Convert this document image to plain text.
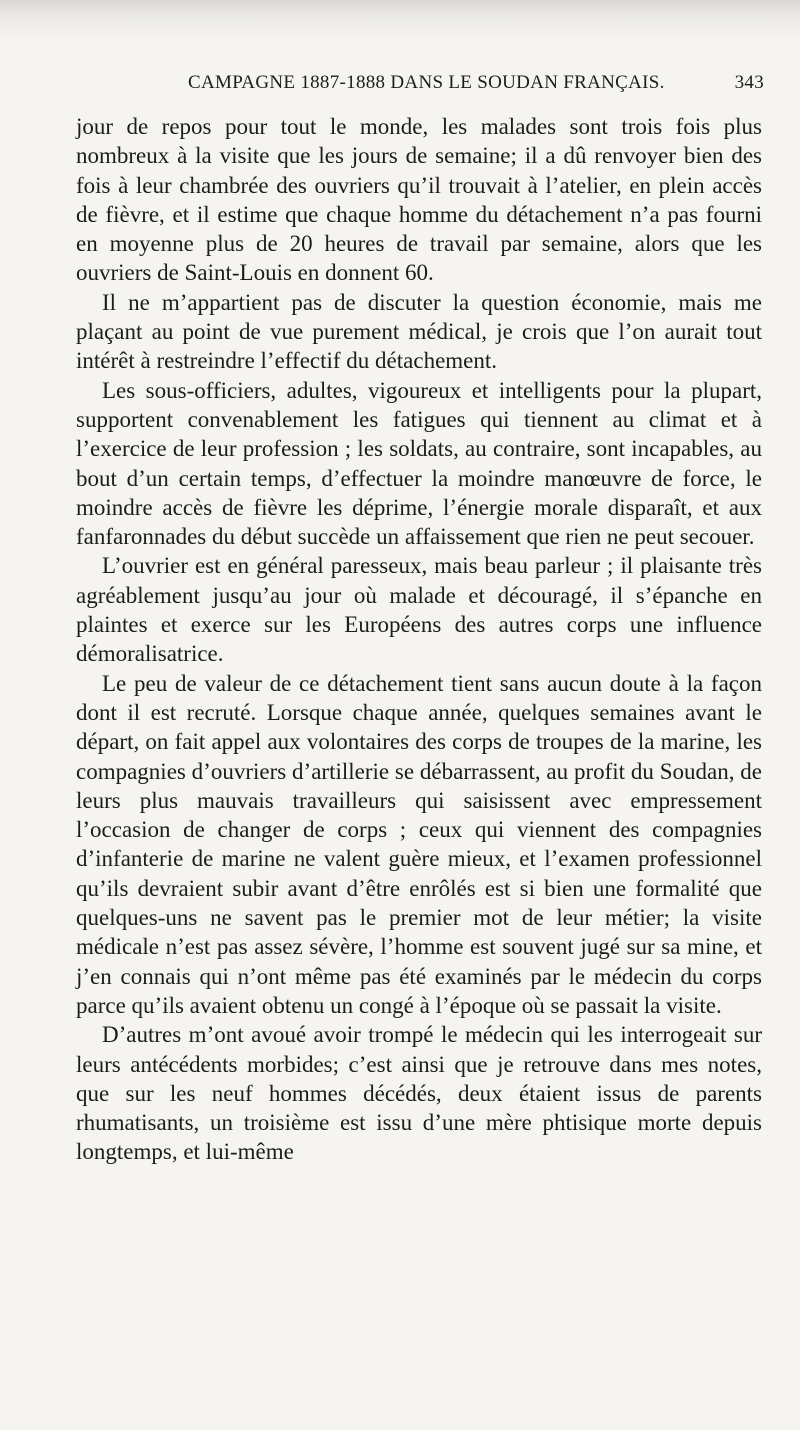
CAMPAGNE 1887-1888 DANS LE SOUDAN FRANÇAIS.	343

jour de repos pour tout le monde, les malades sont trois fois plus nombreux à la visite que les jours de semaine; il a dû renvoyer bien des fois à leur chambrée des ouvriers qu’il trouvait à l’atelier, en plein accès de fièvre, et il estime que chaque homme du détachement n’a pas fourni en moyenne plus de 20 heures de travail par semaine, alors que les ouvriers de Saint-Louis en donnent 60.

Il ne m’appartient pas de discuter la question économie, mais me plaçant au point de vue purement médical, je crois que l’on aurait tout intérêt à restreindre l’effectif du détachement.

Les sous-officiers, adultes, vigoureux et intelligents pour la plupart, supportent convenablement les fatigues qui tiennent au climat et à l’exercice de leur profession ; les soldats, au contraire, sont incapables, au bout d’un certain temps, d’effectuer la moindre manœuvre de force, le moindre accès de fièvre les déprime, l’énergie morale disparaît, et aux fanfaronnades du début succède un affaissement que rien ne peut secouer.

L’ouvrier est en général paresseux, mais beau parleur ; il plaisante très agréablement jusqu’au jour où malade et découragé, il s’épanche en plaintes et exerce sur les Européens des autres corps une influence démoralisatrice.

Le peu de valeur de ce détachement tient sans aucun doute à la façon dont il est recruté. Lorsque chaque année, quelques semaines avant le départ, on fait appel aux volontaires des corps de troupes de la marine, les compagnies d’ouvriers d’artillerie se débarrassent, au profit du Soudan, de leurs plus mauvais travailleurs qui saisissent avec empressement l’occasion de changer de corps ; ceux qui viennent des compagnies d’infanterie de marine ne valent guère mieux, et l’examen professionnel qu’ils devraient subir avant d’être enrôlés est si bien une formalité que quelques-uns ne savent pas le premier mot de leur métier; la visite médicale n’est pas assez sévère, l’homme est souvent jugé sur sa mine, et j’en connais qui n’ont même pas été examinés par le médecin du corps parce qu’ils avaient obtenu un congé à l’époque où se passait la visite.

D’autres m’ont avoué avoir trompé le médecin qui les interrogeait sur leurs antécédents morbides; c’est ainsi que je retrouve dans mes notes, que sur les neuf hommes décédés, deux étaient issus de parents rhumatisants, un troisième est issu d’une mère phtisique morte depuis longtemps, et lui-même
